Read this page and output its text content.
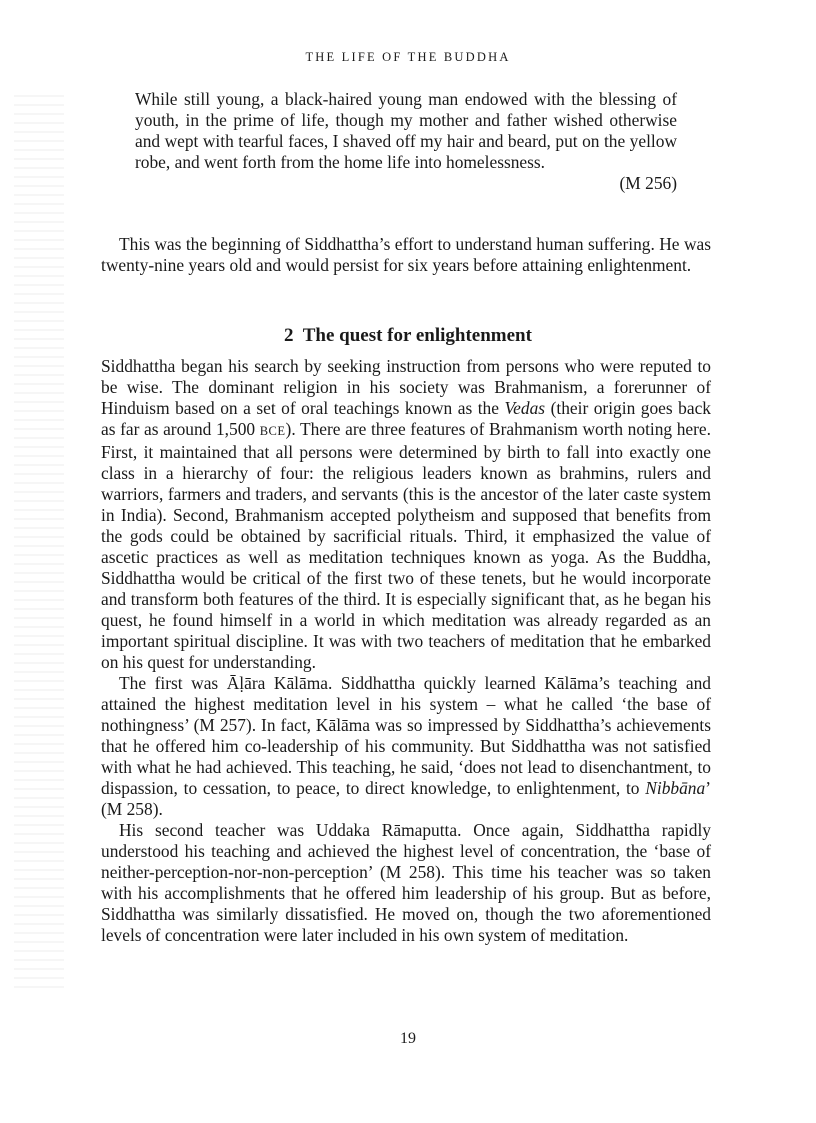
THE LIFE OF THE BUDDHA

While still young, a black-haired young man endowed with the blessing of youth, in the prime of life, though my mother and father wished otherwise and wept with tearful faces, I shaved off my hair and beard, put on the yellow robe, and went forth from the home life into homelessness.

(M 256)

This was the beginning of Siddhattha’s effort to understand human suffering. He was twenty-nine years old and would persist for six years before attaining enlightenment.

2 The quest for enlightenment

Siddhattha began his search by seeking instruction from persons who were reputed to be wise. The dominant religion in his society was Brahmanism, a forerunner of Hinduism based on a set of oral teachings known as the Vedas (their origin goes back as far as around 1,500 BCE). There are three features of Brahmanism worth noting here. First, it maintained that all persons were determined by birth to fall into exactly one class in a hierarchy of four: the religious leaders known as brahmins, rulers and warriors, farmers and traders, and servants (this is the ancestor of the later caste system in India). Second, Brahmanism accepted polytheism and supposed that benefits from the gods could be obtained by sacrificial rituals. Third, it emphasized the value of ascetic practices as well as meditation techniques known as yoga. As the Buddha, Siddhattha would be critical of the first two of these tenets, but he would incorporate and transform both features of the third. It is especially significant that, as he began his quest, he found himself in a world in which meditation was already regarded as an important spiritual discipline. It was with two teachers of meditation that he embarked on his quest for understanding.

The first was Āḷāra Kālāma. Siddhattha quickly learned Kālāma’s teaching and attained the highest meditation level in his system – what he called ‘the base of nothingness’ (M 257). In fact, Kālāma was so impressed by Siddhattha’s achievements that he offered him co-leadership of his community. But Siddhattha was not satisfied with what he had achieved. This teaching, he said, ‘does not lead to disenchantment, to dispassion, to cessation, to peace, to direct knowledge, to enlightenment, to Nibbāna’ (M 258).

His second teacher was Uddaka Rāmaputta. Once again, Siddhattha rapidly understood his teaching and achieved the highest level of concentration, the ‘base of neither-perception-nor-non-perception’ (M 258). This time his teacher was so taken with his accomplishments that he offered him leadership of his group. But as before, Siddhattha was similarly dissatisfied. He moved on, though the two aforementioned levels of concentration were later included in his own system of meditation.

19
